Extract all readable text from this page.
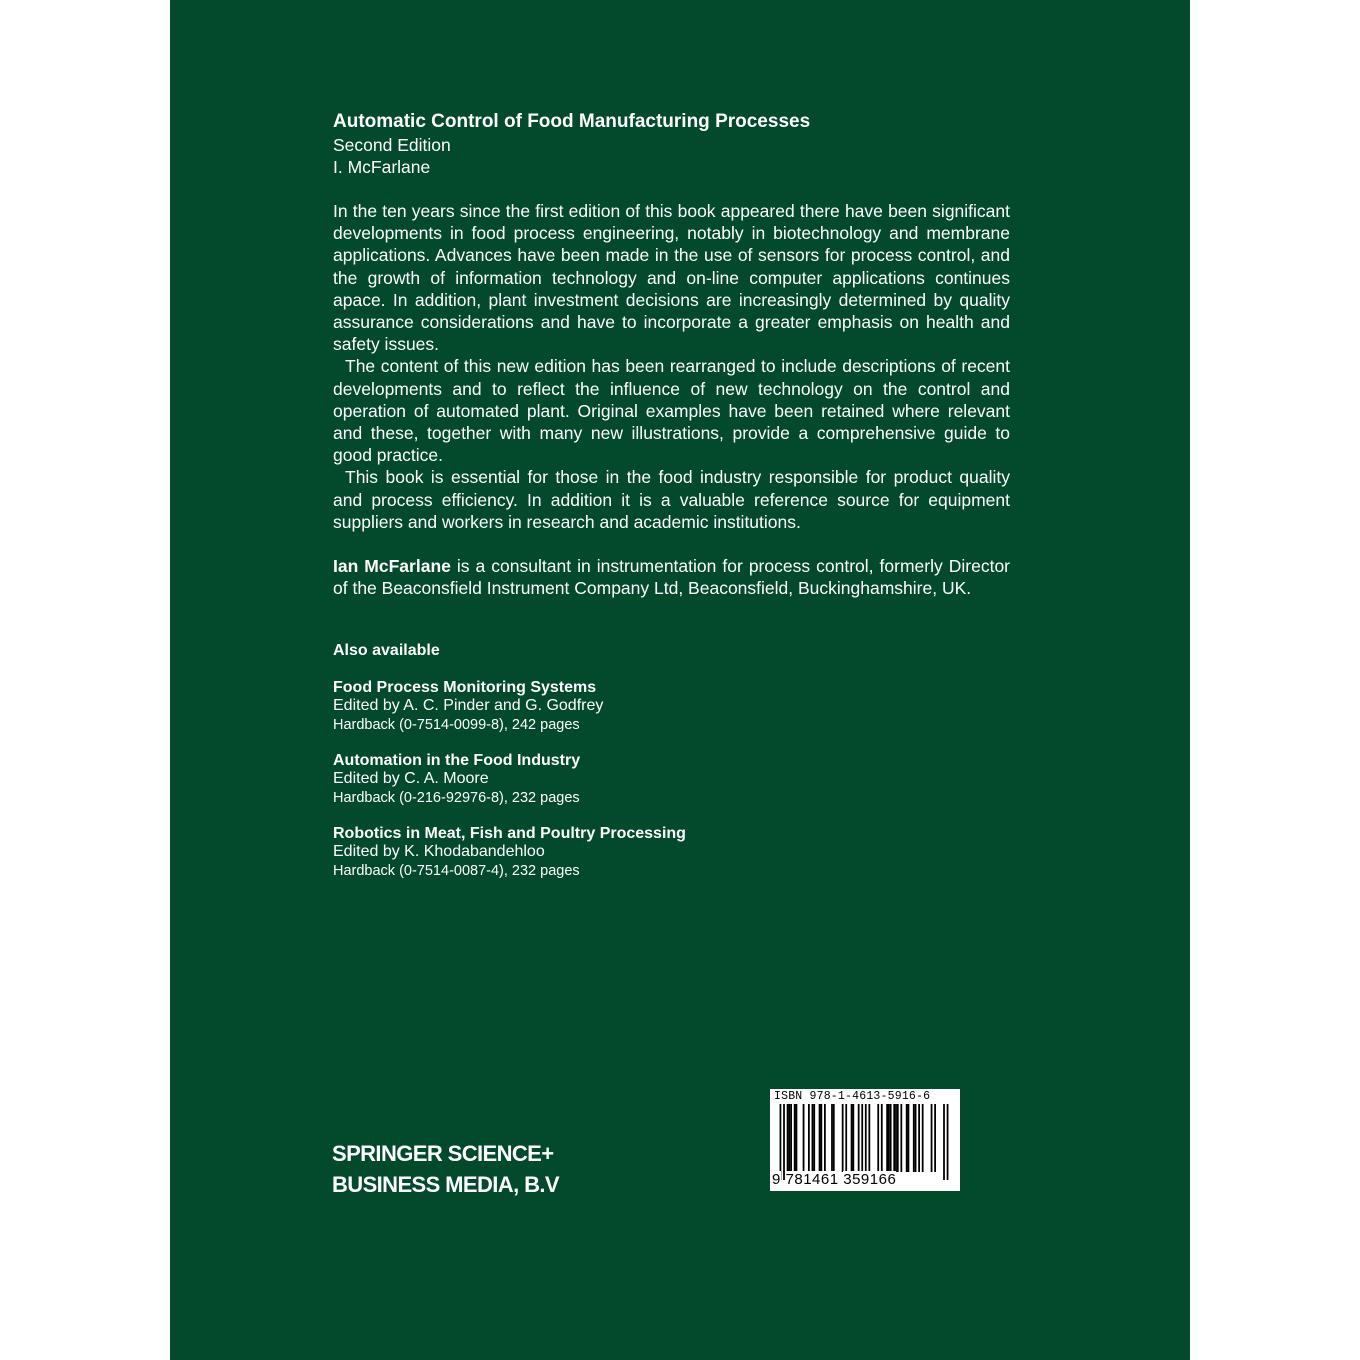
Automatic Control of Food Manufacturing Processes
Second Edition
I. McFarlane

In the ten years since the first edition of this book appeared there have been significant developments in food process engineering, notably in biotechnology and membrane applications. Advances have been made in the use of sensors for process control, and the growth of information technology and on-line computer applications continues apace. In addition, plant investment decisions are increasingly determined by quality assurance considerations and have to incorporate a greater emphasis on health and safety issues.

The content of this new edition has been rearranged to include descriptions of recent developments and to reflect the influence of new technology on the control and operation of automated plant. Original examples have been retained where relevant and these, together with many new illustrations, provide a comprehensive guide to good practice.

This book is essential for those in the food industry responsible for product quality and process efficiency. In addition it is a valuable reference source for equipment suppliers and workers in research and academic institutions.

Ian McFarlane is a consultant in instrumentation for process control, formerly Director of the Beaconsfield Instrument Company Ltd, Beaconsfield, Buckinghamshire, UK.
Also available
Food Process Monitoring Systems
Edited by A. C. Pinder and G. Godfrey
Hardback (0-7514-0099-8), 242 pages
Automation in the Food Industry
Edited by C. A. Moore
Hardback (0-216-92976-8), 232 pages
Robotics in Meat, Fish and Poultry Processing
Edited by K. Khodabandehloo
Hardback (0-7514-0087-4), 232 pages
SPRINGER SCIENCE+
BUSINESS MEDIA, B.V
ISBN 978-1-4613-5916-6
9 781461 359166
